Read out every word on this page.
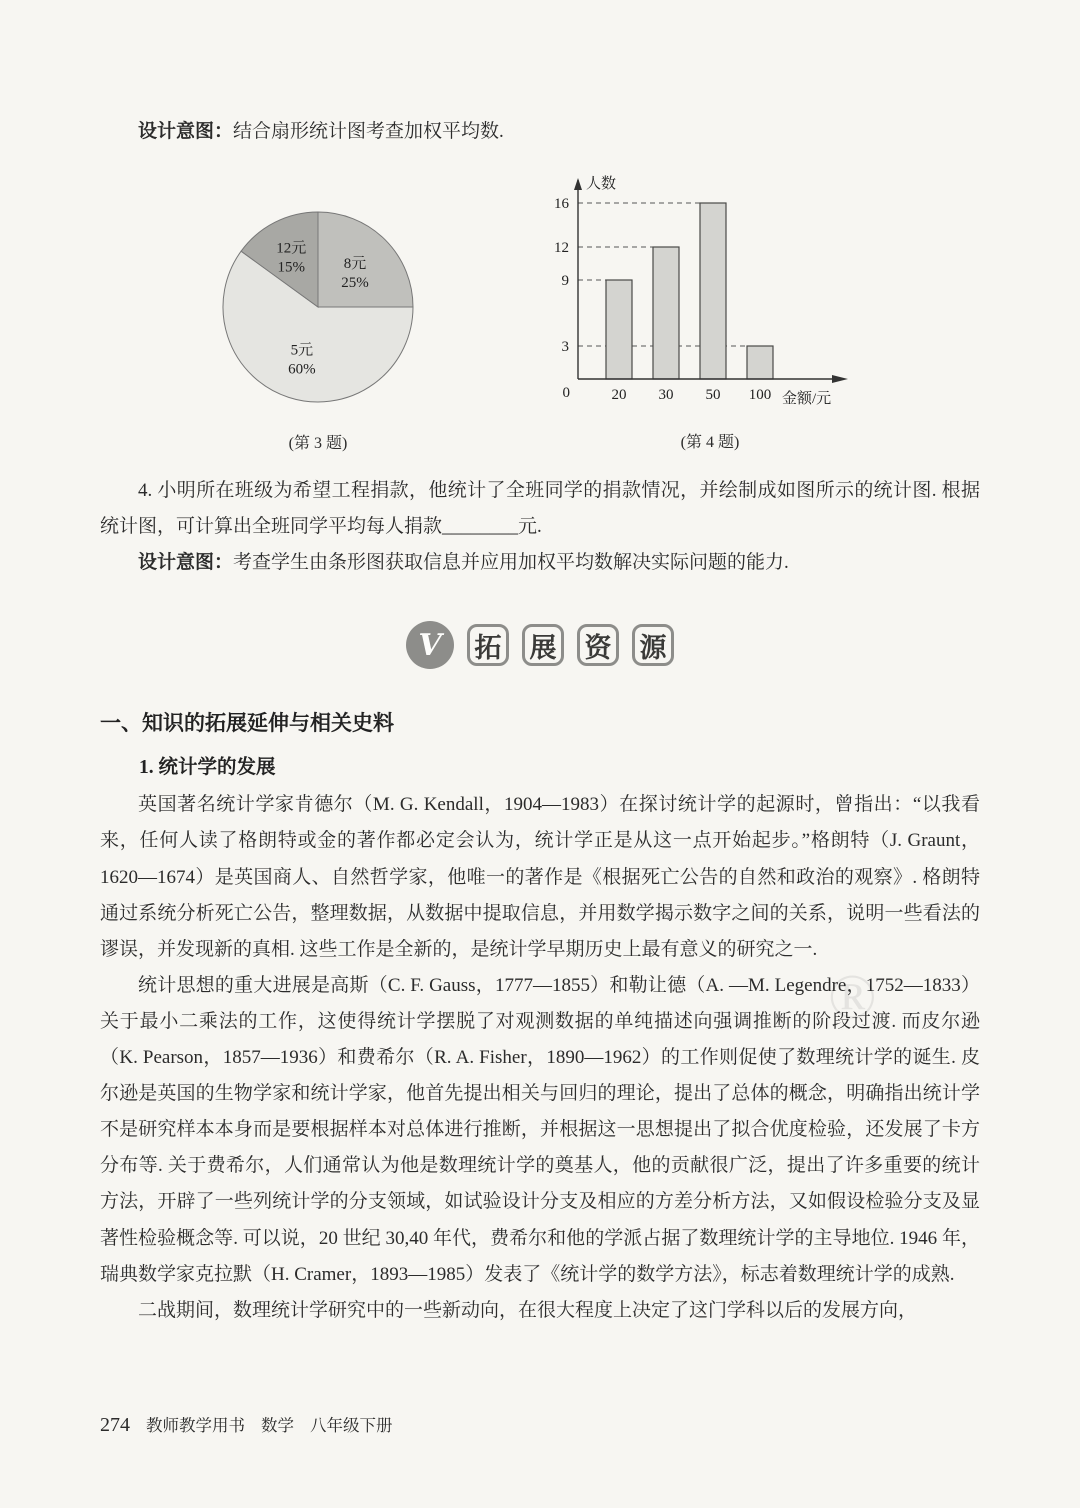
®

设计意图：结合扇形统计图考查加权平均数.

8元 25%
5元 60%
12元 15%
(第 3 题)
3
9
12
16
0	20 30 50 100
人数
金额/元
(第 4 题)

4. 小明所在班级为希望工程捐款，他统计了全班同学的捐款情况，并绘制成如图所示的统计图. 根据统计图，可计算出全班同学平均每人捐款________元.

设计意图：考查学生由条形图获取信息并应用加权平均数解决实际问题的能力.

Ⅴ	拓 展 资 源
一、知识的拓展延伸与相关史料
1. 统计学的发展

英国著名统计学家肯德尔（M. G. Kendall，1904—1983）在探讨统计学的起源时，曾指出：“以我看来，任何人读了格朗特或金的著作都必定会认为，统计学正是从这一点开始起步。”格朗特（J. Graunt，1620—1674）是英国商人、自然哲学家，他唯一的著作是《根据死亡公告的自然和政治的观察》. 格朗特通过系统分析死亡公告，整理数据，从数据中提取信息，并用数学揭示数字之间的关系，说明一些看法的谬误，并发现新的真相. 这些工作是全新的，是统计学早期历史上最有意义的研究之一.

统计思想的重大进展是高斯（C. F. Gauss，1777—1855）和勒让德（A. —M. Legendre，1752—1833）关于最小二乘法的工作，这使得统计学摆脱了对观测数据的单纯描述向强调推断的阶段过渡. 而皮尔逊（K. Pearson，1857—1936）和费希尔（R. A. Fisher，1890—1962）的工作则促使了数理统计学的诞生. 皮尔逊是英国的生物学家和统计学家，他首先提出相关与回归的理论，提出了总体的概念，明确指出统计学不是研究样本本身而是要根据样本对总体进行推断，并根据这一思想提出了拟合优度检验，还发展了卡方分布等. 关于费希尔，人们通常认为他是数理统计学的奠基人，他的贡献很广泛，提出了许多重要的统计方法，开辟了一些列统计学的分支领域，如试验设计分支及相应的方差分析方法，又如假设检验分支及显著性检验概念等. 可以说，20 世纪 30,40 年代，费希尔和他的学派占据了数理统计学的主导地位. 1946 年，瑞典数学家克拉默（H. Cramer，1893—1985）发表了《统计学的数学方法》，标志着数理统计学的成熟.

二战期间，数理统计学研究中的一些新动向，在很大程度上决定了这门学科以后的发展方向，

274 教师教学用书 数学 八年级下册
